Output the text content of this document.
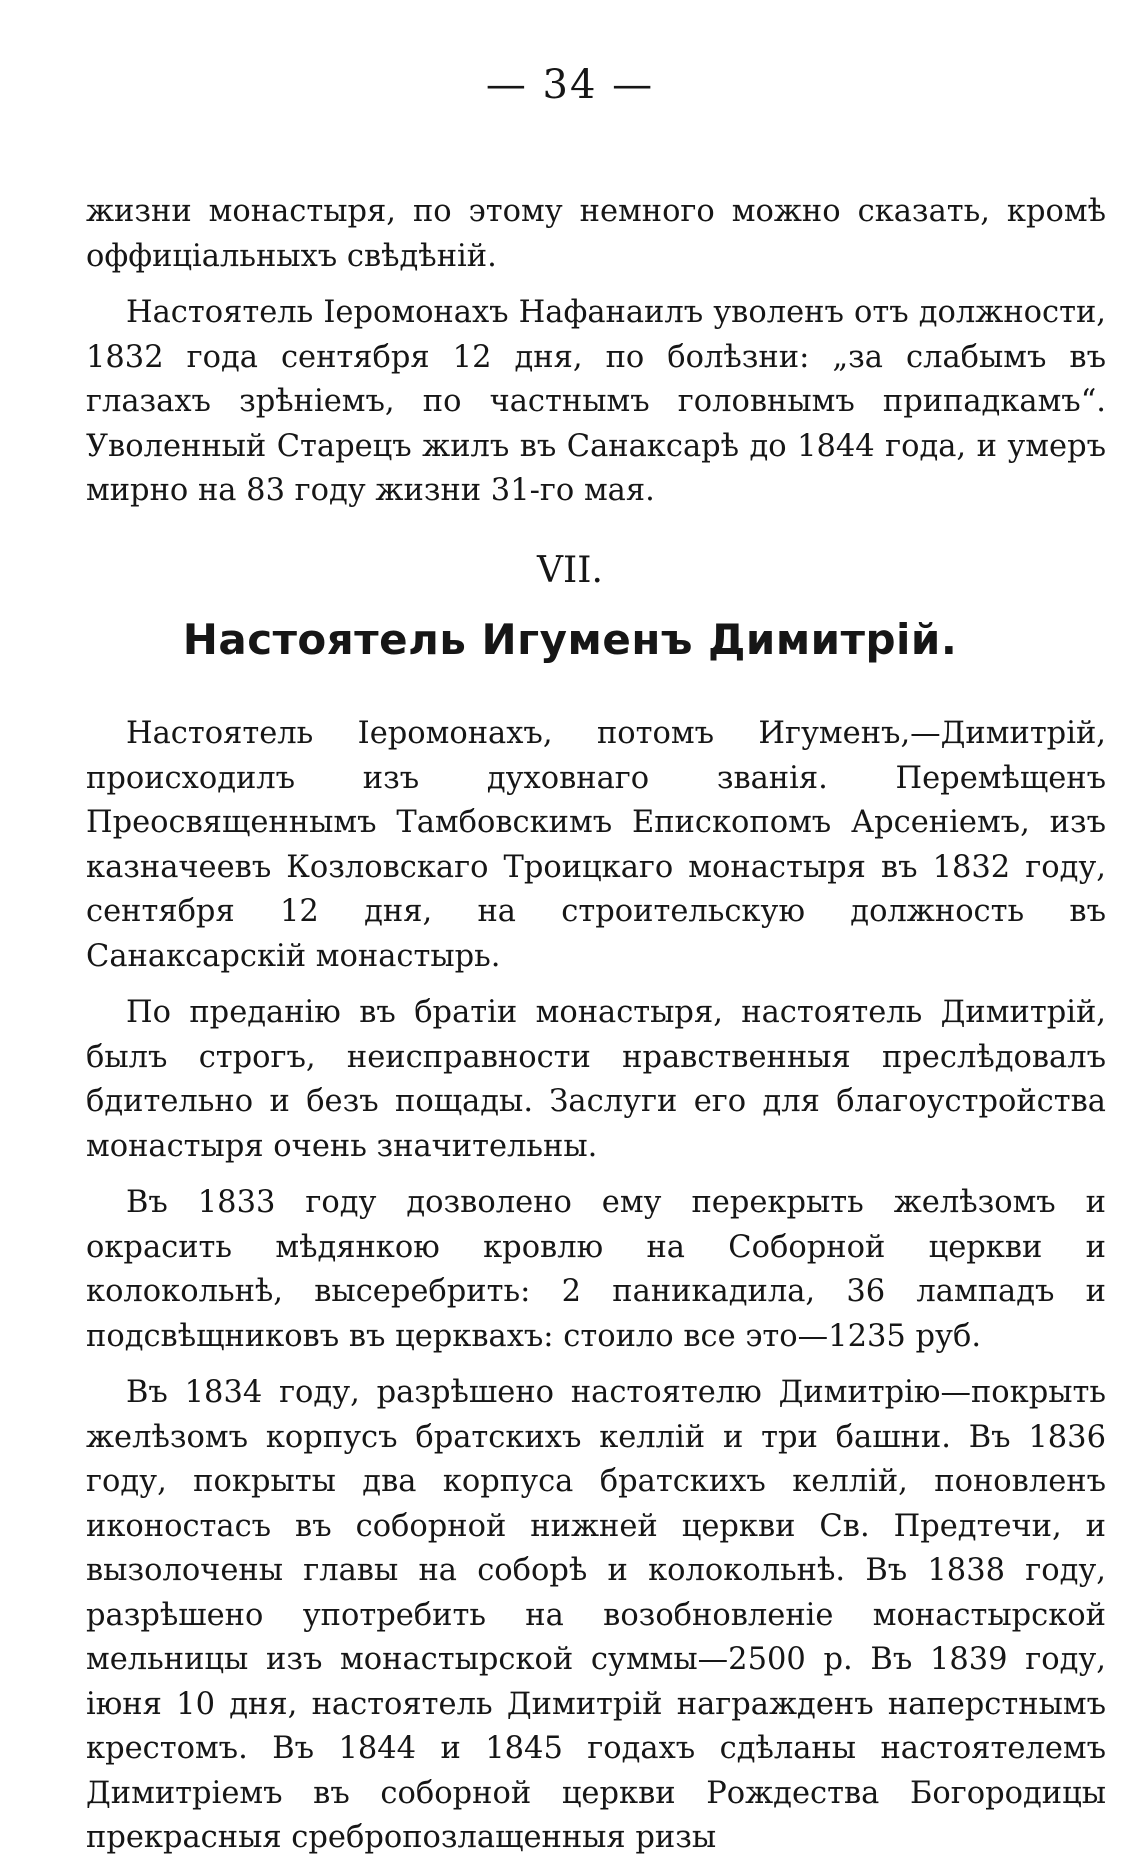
— 34 —

жизни монастыря, по этому немного можно сказать, кромѣ оффиціальныхъ свѣдѣній.

Настоятель Іеромонахъ Нафанаилъ уволенъ отъ должности, 1832 года сентября 12 дня, по болѣзни: „за слабымъ въ глазахъ зрѣніемъ, по частнымъ головнымъ припадкамъ“. Уволенный Старецъ жилъ въ Санаксарѣ до 1844 года, и умеръ мирно на 83 году жизни 31-го мая.

VII.
Настоятель Игуменъ Димитрій.

Настоятель Іеромонахъ, потомъ Игуменъ,—Димитрій, происходилъ изъ духовнаго званія. Перемѣщенъ Преосвященнымъ Тамбовскимъ Епископомъ Арсеніемъ, изъ казначеевъ Козловскаго Троицкаго монастыря въ 1832 году, сентября 12 дня, на строительскую должность въ Санаксарскій монастырь.

По преданію въ братіи монастыря, настоятель Димитрій, былъ строгъ, неисправности нравственныя преслѣдовалъ бдительно и безъ пощады. Заслуги его для благоустройства монастыря очень значительны.

Въ 1833 году дозволено ему перекрыть желѣзомъ и окрасить мѣдянкою кровлю на Соборной церкви и колокольнѣ, высеребрить: 2 паникадила, 36 лампадъ и подсвѣщниковъ въ церквахъ: стоило все это—1235 руб.

Въ 1834 году, разрѣшено настоятелю Димитрію—покрыть желѣзомъ корпусъ братскихъ келлій и три башни. Въ 1836 году, покрыты два корпуса братскихъ келлій, поновленъ иконостасъ въ соборной нижней церкви Св. Предтечи, и вызолочены главы на соборѣ и колокольнѣ. Въ 1838 году, разрѣшено употребить на возобновленіе монастырской мельницы изъ монастырской суммы—2500 р. Въ 1839 году, іюня 10 дня, настоятель Димитрій награжденъ наперстнымъ крестомъ. Въ 1844 и 1845 годахъ сдѣланы настоятелемъ Димитріемъ въ соборной церкви Рождества Богородицы прекрасныя сребропозлащенныя ризы
